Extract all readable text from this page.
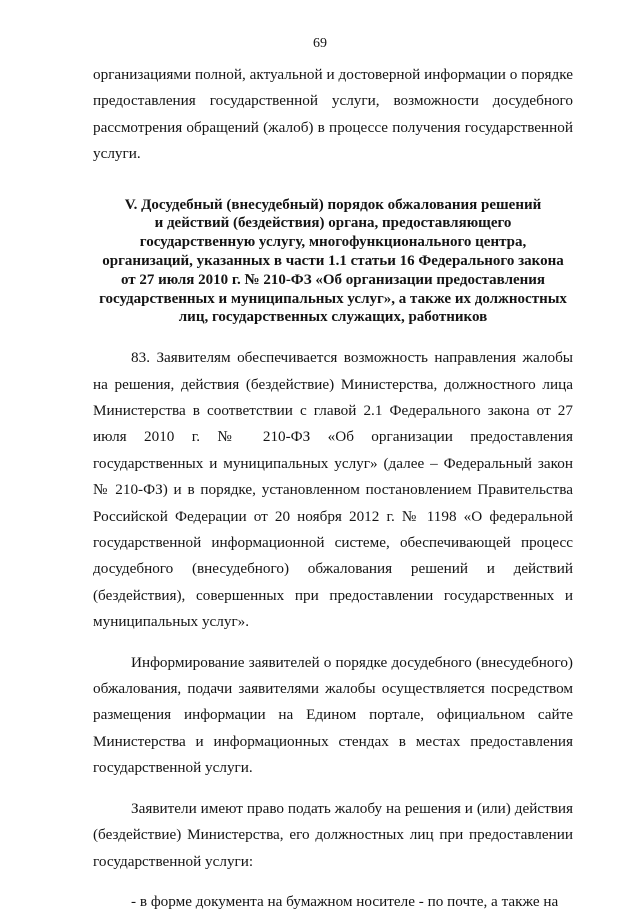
69

организациями полной, актуальной и достоверной информации о порядке предоставления государственной услуги, возможности досудебного рассмотрения обращений (жалоб) в процессе получения государственной услуги.

V. Досудебный (внесудебный) порядок обжалования решений
и действий (бездействия) органа, предоставляющего
государственную услугу, многофункционального центра,
организаций, указанных в части 1.1 статьи 16 Федерального закона
от 27 июля 2010 г. № 210-ФЗ «Об организации предоставления
государственных и муниципальных услуг», а также их должностных
лиц, государственных служащих, работников

83. Заявителям обеспечивается возможность направления жалобы на решения, действия (бездействие) Министерства, должностного лица Министерства в соответствии с главой 2.1 Федерального закона от 27 июля 2010 г. № 210-ФЗ «Об организации предоставления государственных и муниципальных услуг» (далее – Федеральный закон № 210-ФЗ) и в порядке, установленном постановлением Правительства Российской Федерации от 20 ноября 2012 г. № 1198 «О федеральной государственной информационной системе, обеспечивающей процесс досудебного (внесудебного) обжалования решений и действий (бездействия), совершенных при предоставлении государственных и муниципальных услуг».

Информирование заявителей о порядке досудебного (внесудебного) обжалования, подачи заявителями жалобы осуществляется посредством размещения информации на Едином портале, официальном сайте Министерства и информационных стендах в местах предоставления государственной услуги.

Заявители имеют право подать жалобу на решения и (или) действия (бездействие) Министерства, его должностных лиц при предоставлении государственной услуги:

- в форме документа на бумажном носителе - по почте, а также на
